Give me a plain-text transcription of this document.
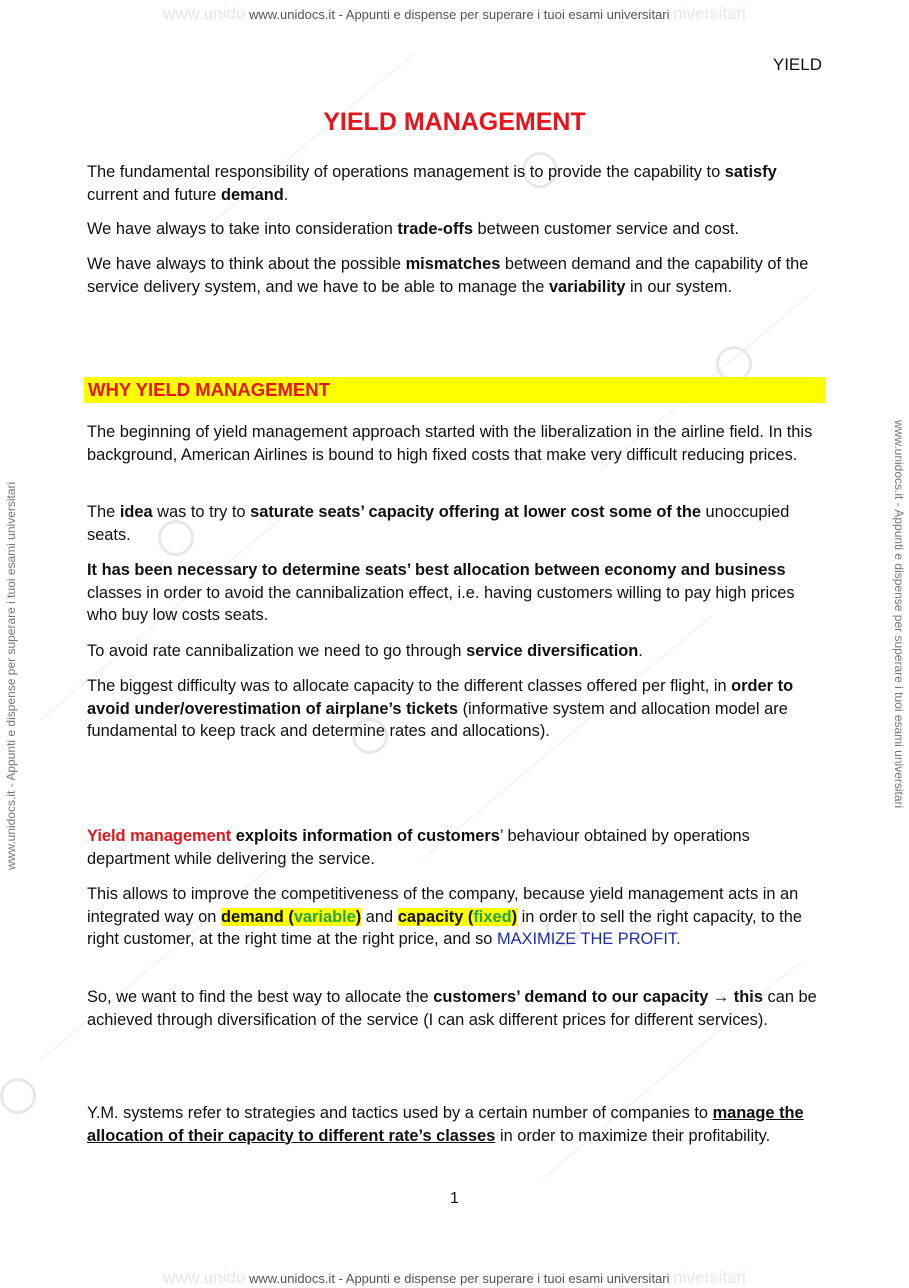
www.unido www.unidocs.it - Appunti e dispense per superare i tuoi esami universitari niversitari
www.unido www.unidocs.it - Appunti e dispense per superare i tuoi esami universitari niversitari
www.unidocs.it - Appunti e dispense per superare i tuoi esami universitari	www.unidocs.it - Appunti e dispense per superare i tuoi esami universitari
YIELD
YIELD MANAGEMENT
The fundamental responsibility of operations management is to provide the capability to satisfy current and future demand.
We have always to take into consideration trade-offs between customer service and cost.
We have always to think about the possible mismatches between demand and the capability of the service delivery system, and we have to be able to manage the variability in our system.
WHY YIELD MANAGEMENT
The beginning of yield management approach started with the liberalization in the airline field. In this background, American Airlines is bound to high fixed costs that make very difficult reducing prices.
The idea was to try to saturate seats’ capacity offering at lower cost some of the unoccupied seats.
It has been necessary to determine seats’ best allocation between economy and business classes in order to avoid the cannibalization effect, i.e. having customers willing to pay high prices who buy low costs seats.
To avoid rate cannibalization we need to go through service diversification.
The biggest difficulty was to allocate capacity to the different classes offered per flight, in order to avoid under/overestimation of airplane’s tickets (informative system and allocation model are fundamental to keep track and determine rates and allocations).
Yield management exploits information of customers’ behaviour obtained by operations department while delivering the service.
This allows to improve the competitiveness of the company, because yield management acts in an integrated way on demand (variable) and capacity (fixed) in order to sell the right capacity, to the right customer, at the right time at the right price, and so MAXIMIZE THE PROFIT.
So, we want to find the best way to allocate the customers’ demand to our capacity → this can be achieved through diversification of the service (I can ask different prices for different services).
Y.M. systems refer to strategies and tactics used by a certain number of companies to manage the allocation of their capacity to different rate’s classes in order to maximize their profitability.
1
